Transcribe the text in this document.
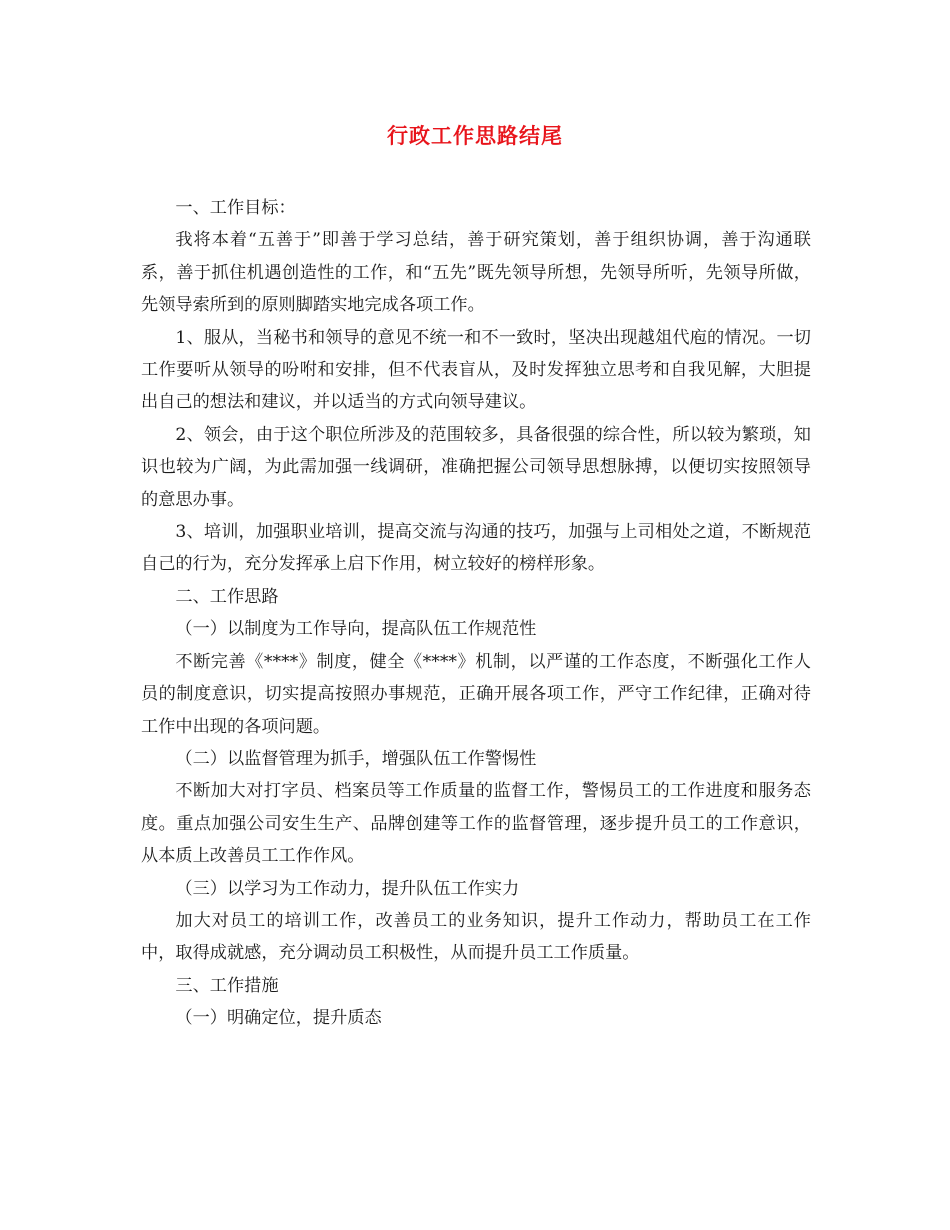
行政工作思路结尾

一、工作目标：

我将本着“五善于”即善于学习总结，善于研究策划，善于组织协调，善于沟通联系，善于抓住机遇创造性的工作，和“五先”既先领导所想，先领导所听，先领导所做，先领导索所到的原则脚踏实地完成各项工作。

1、服从，当秘书和领导的意见不统一和不一致时，坚决出现越俎代庖的情况。一切工作要听从领导的吩咐和安排，但不代表盲从，及时发挥独立思考和自我见解，大胆提出自己的想法和建议，并以适当的方式向领导建议。

2、领会，由于这个职位所涉及的范围较多，具备很强的综合性，所以较为繁琐，知识也较为广阔，为此需加强一线调研，准确把握公司领导思想脉搏，以便切实按照领导的意思办事。

3、培训，加强职业培训，提高交流与沟通的技巧，加强与上司相处之道，不断规范自己的行为，充分发挥承上启下作用，树立较好的榜样形象。

二、工作思路

（一）以制度为工作导向，提高队伍工作规范性

不断完善《****》制度，健全《****》机制，以严谨的工作态度，不断强化工作人员的制度意识，切实提高按照办事规范，正确开展各项工作，严守工作纪律，正确对待工作中出现的各项问题。

（二）以监督管理为抓手，增强队伍工作警惕性

不断加大对打字员、档案员等工作质量的监督工作，警惕员工的工作进度和服务态度。重点加强公司安生生产、品牌创建等工作的监督管理，逐步提升员工的工作意识，从本质上改善员工工作作风。

（三）以学习为工作动力，提升队伍工作实力

加大对员工的培训工作，改善员工的业务知识，提升工作动力，帮助员工在工作中，取得成就感，充分调动员工积极性，从而提升员工工作质量。

三、工作措施

（一）明确定位，提升质态
